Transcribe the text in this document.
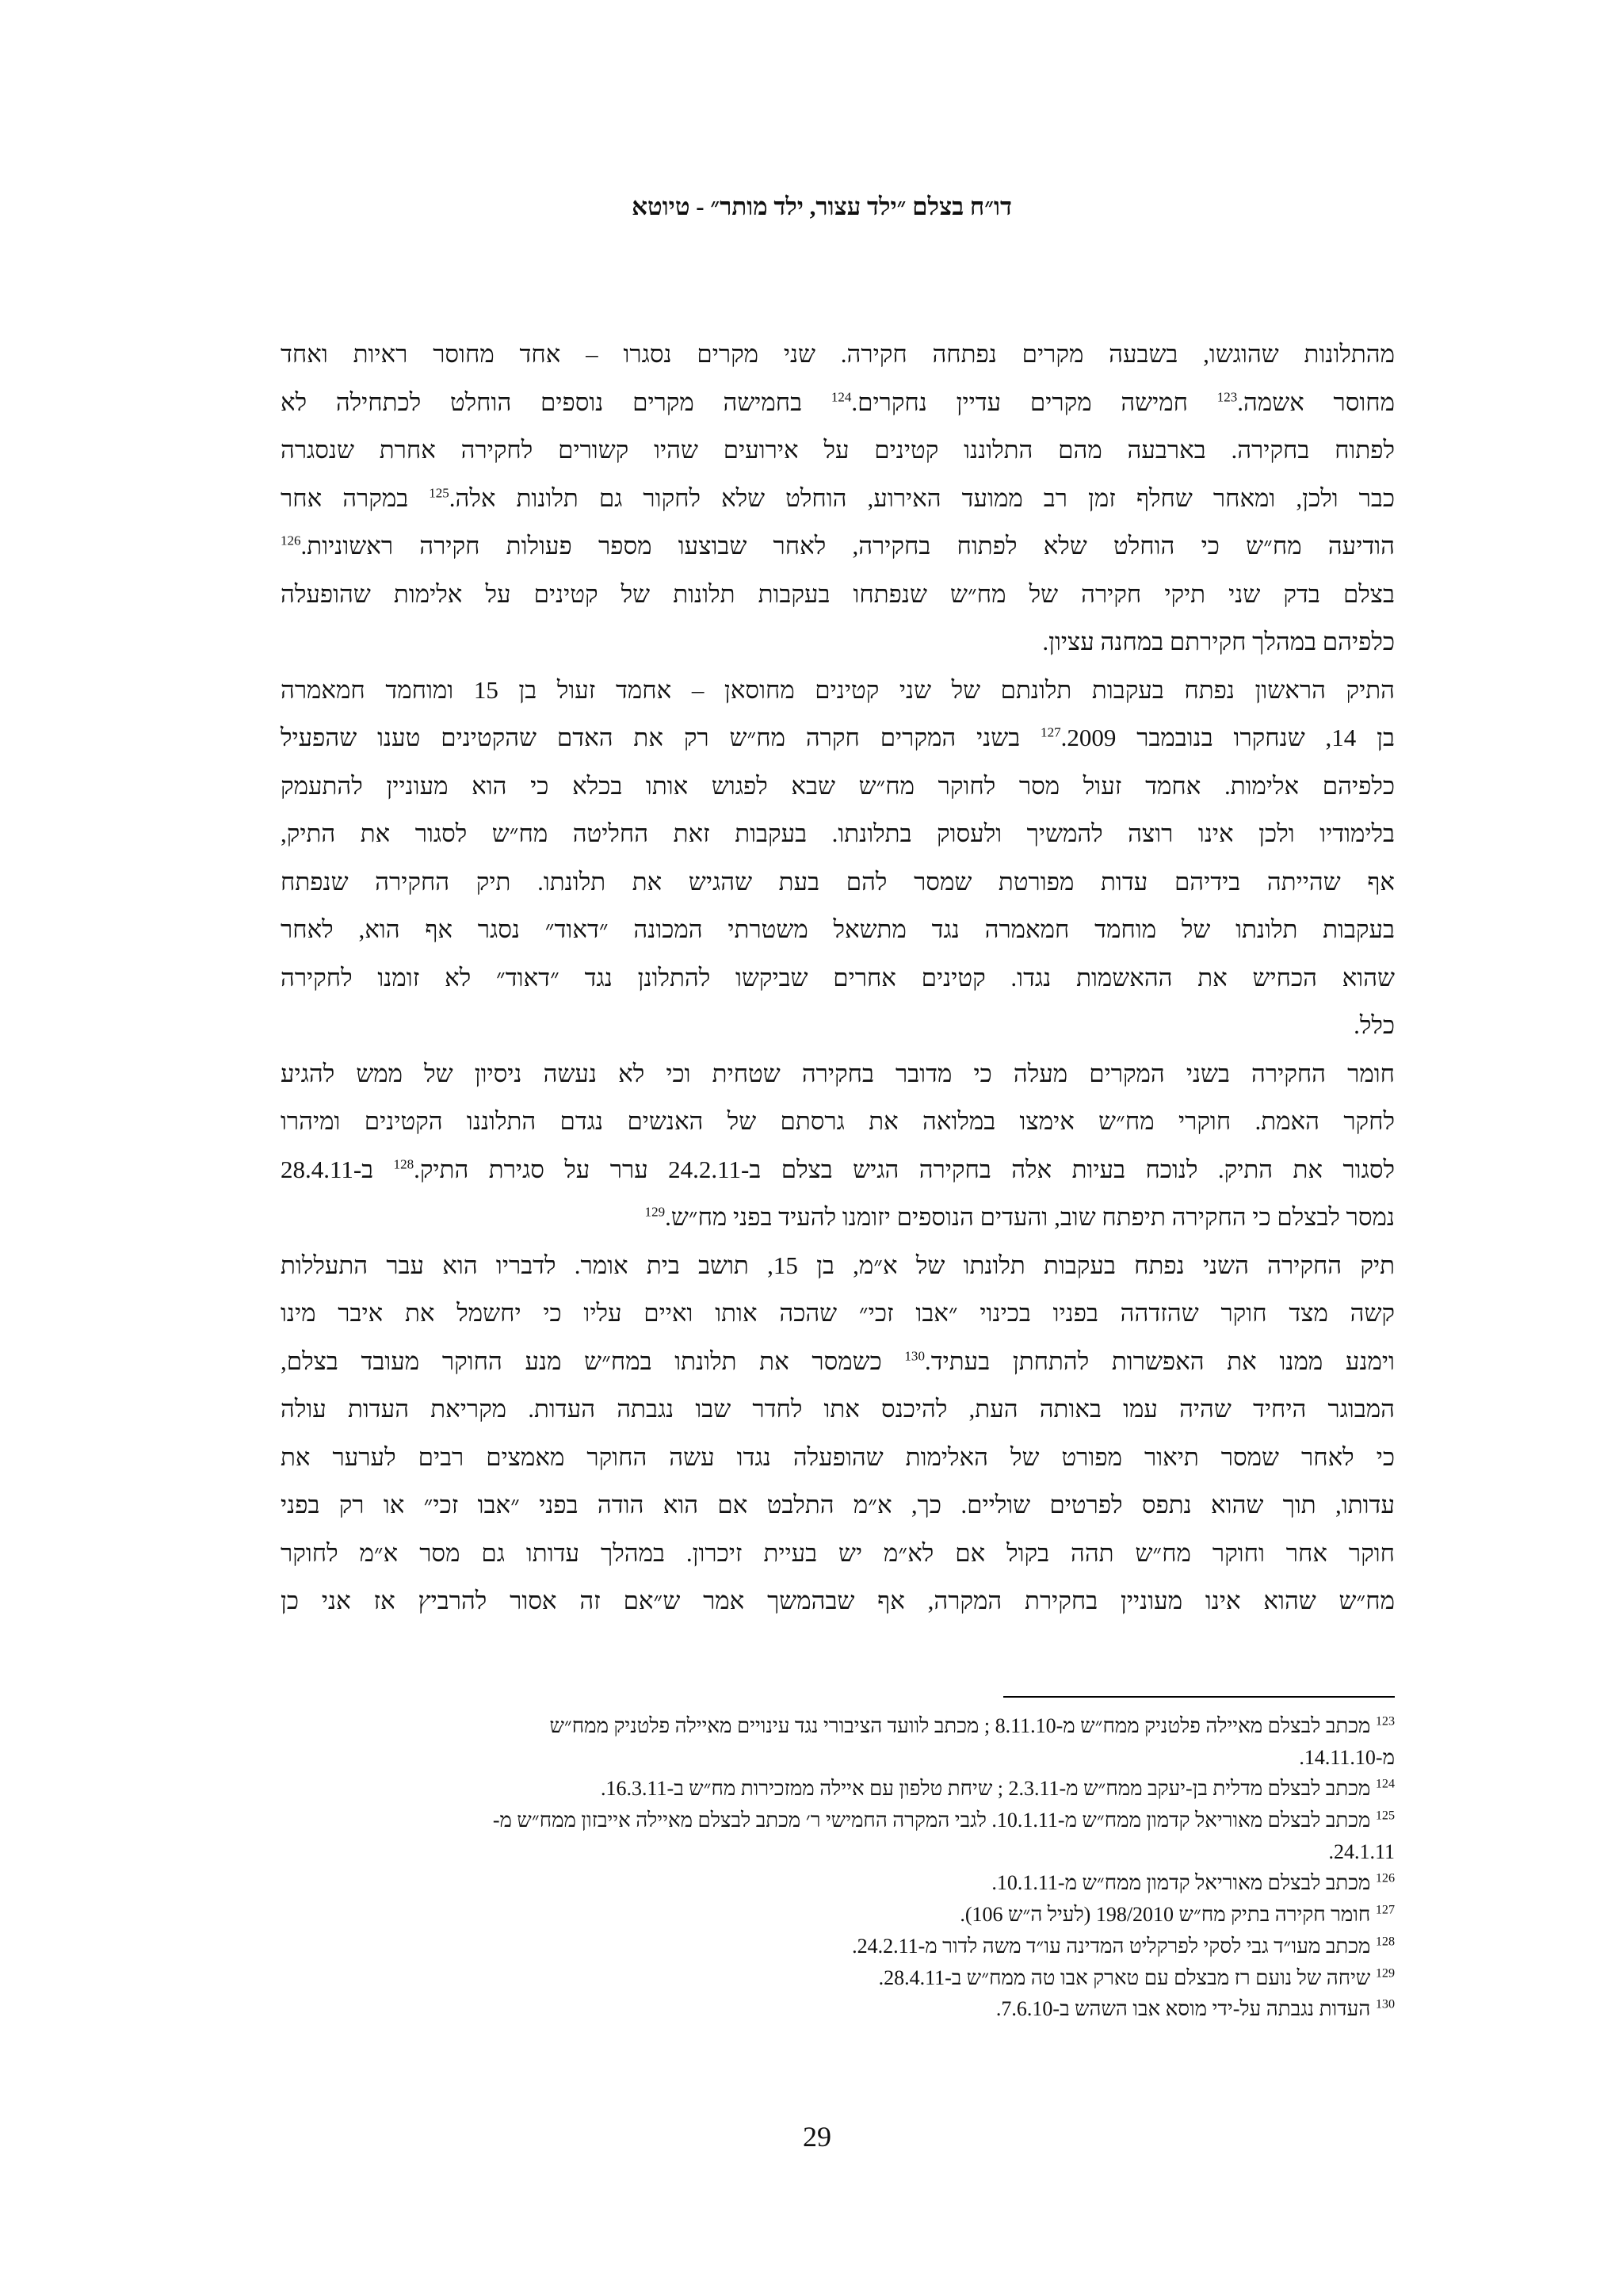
דו״ח בצלם ״ילד עצור, ילד מותר״ - טיוטא
מהתלונות שהוגשו, בשבעה מקרים נפתחה חקירה. שני מקרים נסגרו – אחד מחוסר ראיות ואחד
מחוסר אשמה.$^{123}$ חמישה מקרים עדיין נחקרים.$^{124}$ בחמישה מקרים נוספים הוחלט לכתחילה לא
לפתוח בחקירה. בארבעה מהם התלוננו קטינים על אירועים שהיו קשורים לחקירה אחרת שנסגרה
כבר ולכן, ומאחר שחלף זמן רב ממועד האירוע, הוחלט שלא לחקור גם תלונות אלה.$^{125}$ במקרה אחר
הודיעה מח״ש כי הוחלט שלא לפתוח בחקירה, לאחר שבוצעו מספר פעולות חקירה ראשוניות.$^{126}$
בצלם בדק שני תיקי חקירה של מח״ש שנפתחו בעקבות תלונות של קטינים על אלימות שהופעלה
כלפיהם במהלך חקירתם במחנה עציון.
התיק הראשון נפתח בעקבות תלונתם של שני קטינים מחוסאן – אחמד זעול בן 15 ומוחמד חמאמרה
בן 14, שנחקרו בנובמבר 2009.$^{127}$ בשני המקרים חקרה מח״ש רק את האדם שהקטינים טענו שהפעיל
כלפיהם אלימות. אחמד זעול מסר לחוקר מח״ש שבא לפגוש אותו בכלא כי הוא מעוניין להתעמק
בלימודיו ולכן אינו רוצה להמשיך ולעסוק בתלונתו. בעקבות זאת החליטה מח״ש לסגור את התיק,
אף שהייתה בידיהם עדות מפורטת שמסר להם בעת שהגיש את תלונתו. תיק החקירה שנפתח
בעקבות תלונתו של מוחמד חמאמרה נגד מתשאל משטרתי המכונה ״דאוד״ נסגר אף הוא, לאחר
שהוא הכחיש את ההאשמות נגדו. קטינים אחרים שביקשו להתלונן נגד ״דאוד״ לא זומנו לחקירה
כלל.
חומר החקירה בשני המקרים מעלה כי מדובר בחקירה שטחית וכי לא נעשה ניסיון של ממש להגיע
לחקר האמת. חוקרי מח״ש אימצו במלואה את גרסתם של האנשים נגדם התלוננו הקטינים ומיהרו
לסגור את התיק. לנוכח בעיות אלה בחקירה הגיש בצלם ב-24.2.11 ערר על סגירת התיק.$^{128}$ ב-28.4.11
נמסר לבצלם כי החקירה תיפתח שוב, והעדים הנוספים יזומנו להעיד בפני מח״ש.$^{129}$
תיק החקירה השני נפתח בעקבות תלונתו של א״מ, בן 15, תושב בית אומר. לדבריו הוא עבר התעללות
קשה מצד חוקר שהזדהה בפניו בכינוי ״אבו זכי״ שהכה אותו ואיים עליו כי יחשמל את איבר מינו
וימנע ממנו את האפשרות להתחתן בעתיד.$^{130}$ כשמסר את תלונתו במח״ש מנע החוקר מעובד בצלם,
המבוגר היחיד שהיה עמו באותה העת, להיכנס אתו לחדר שבו נגבתה העדות. מקריאת העדות עולה
כי לאחר שמסר תיאור מפורט של האלימות שהופעלה נגדו עשה החוקר מאמצים רבים לערער את
עדותו, תוך שהוא נתפס לפרטים שוליים. כך, א״מ התלבט אם הוא הודה בפני ״אבו זכי״ או רק בפני
חוקר אחר וחוקר מח״ש תהה בקול אם לא״מ יש בעיית זיכרון. במהלך עדותו גם מסר א״מ לחוקר
מח״ש שהוא אינו מעוניין בחקירת המקרה, אף שבהמשך אמר ש״אם זה אסור להרביץ אז אני כן
$^{123}$ מכתב לבצלם מאיילה פלטניק ממח״ש מ-8.11.10 ; מכתב לוועד הציבורי נגד עינויים מאיילה פלטניק ממח״ש
מ-14.11.10.
$^{124}$ מכתב לבצלם מדלית בן-יעקב ממח״ש מ-2.3.11 ; שיחת טלפון עם איילה ממזכירות מח״ש ב-16.3.11.
$^{125}$ מכתב לבצלם מאוריאל קדמון ממח״ש מ-10.1.11. לגבי המקרה החמישי ר׳ מכתב לבצלם מאיילה אייבזון ממח״ש מ-
24.1.11.
$^{126}$ מכתב לבצלם מאוריאל קדמון ממח״ש מ-10.1.11.
$^{127}$ חומר חקירה בתיק מח״ש 198/2010 (לעיל ה״ש 106).
$^{128}$ מכתב מעו״ד גבי לסקי לפרקליט המדינה עו״ד משה לדור מ-24.2.11.
$^{129}$ שיחה של נועם רז מבצלם עם טארק אבו טה ממח״ש ב-28.4.11.
$^{130}$ העדות נגבתה על-ידי מוסא אבו השהש ב-7.6.10.
29
